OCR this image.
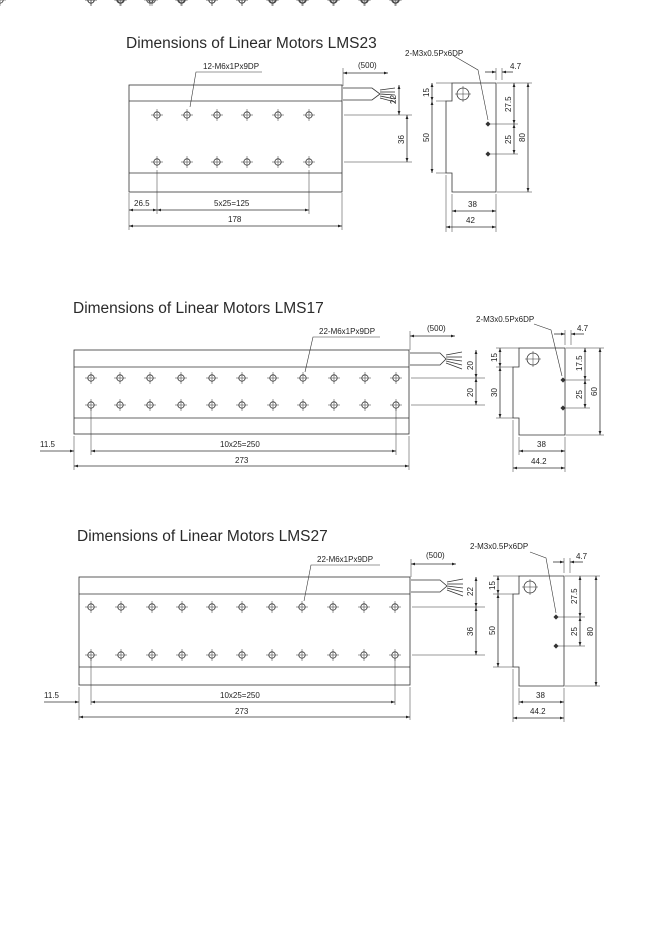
Dimensions of Linear Motors LMS23
Dimensions of Linear Motors LMS17
Dimensions of Linear Motors LMS27
12-M6x1Px9DP	(500)
2-M3x0.5Px6DP
26.5	5x25=125
178
22
36
15
50
27.5
25 80
4.7
38
42
22-M6x1Px9DP	(500)
2-M3x0.5Px6DP
11.5	10x25=250
273
20
20
15
30
17.5
25 60
4.7
38
44.2
22-M6x1Px9DP	(500)
2-M3x0.5Px6DP
11.5	10x25=250
273
22
36
15
50
27.5
25 80
4.7
38
44.2
